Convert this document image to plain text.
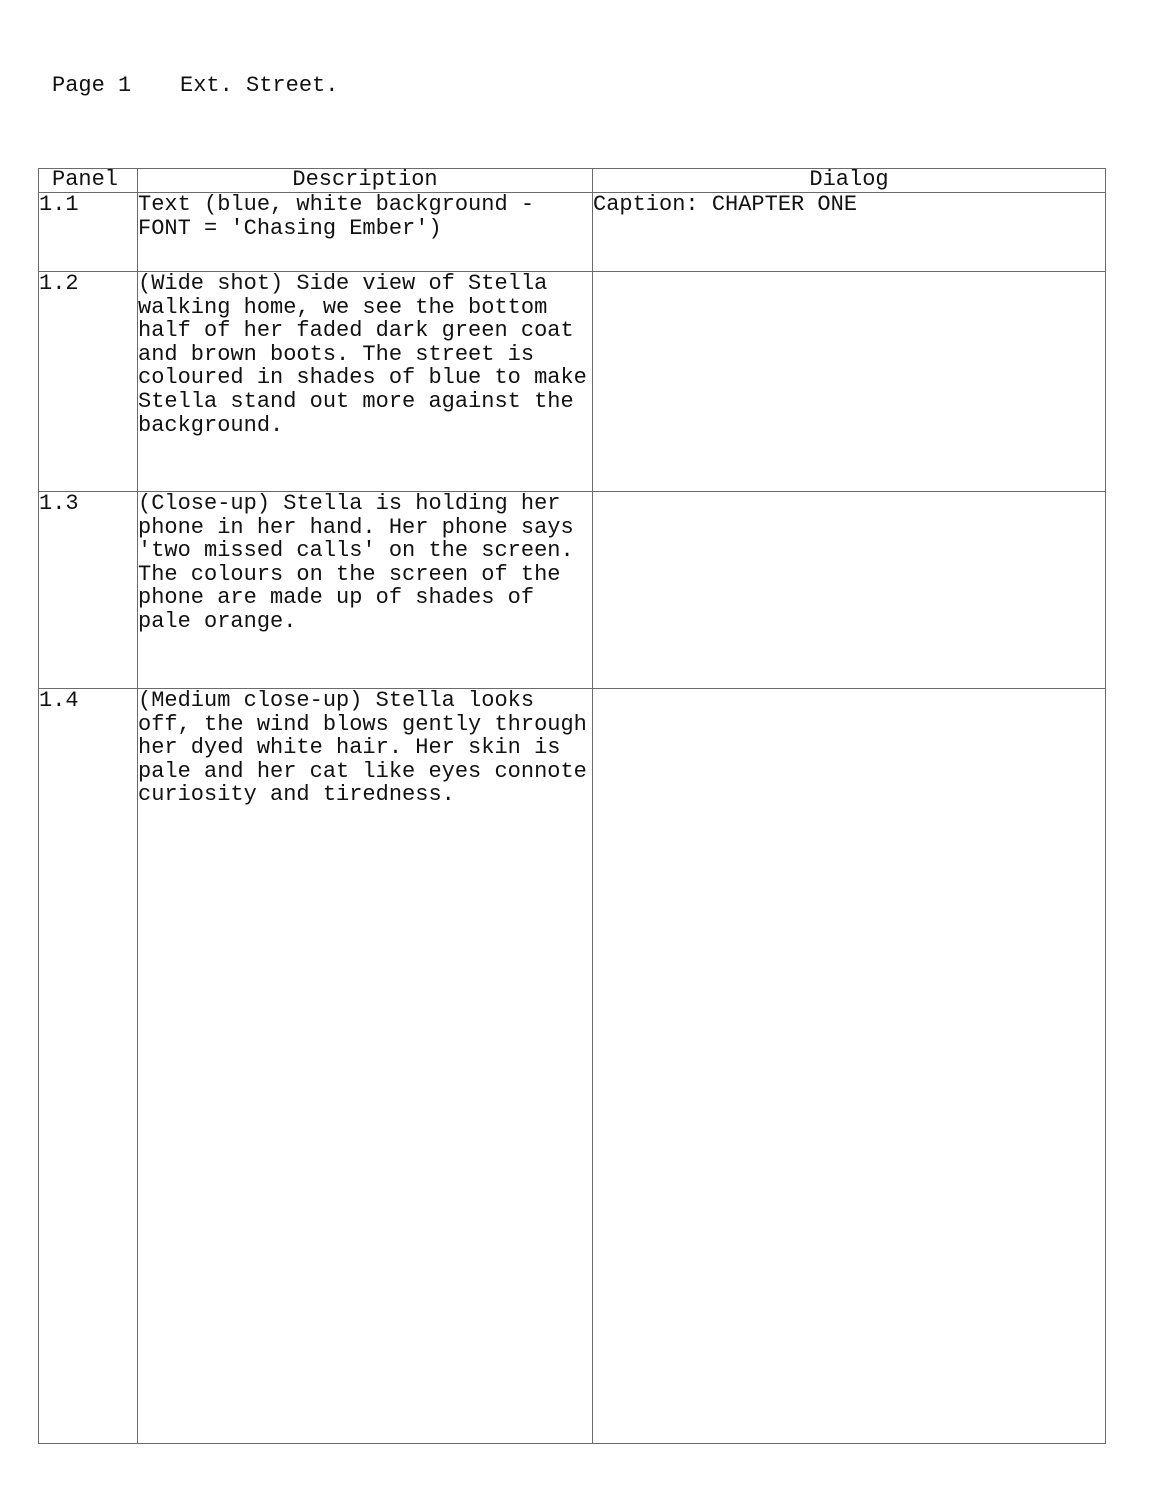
Page 1 Ext. Street.
Panel	Description	Dialog
1.1	Text (blue, white background - FONT = 'Chasing Ember')	Caption: CHAPTER ONE
1.2	(Wide shot) Side view of Stella walking home, we see the bottom half of her faded dark green coat and brown boots. The street is coloured in shades of blue to make Stella stand out more against the background.	
1.3	(Close-up) Stella is holding her phone in her hand. Her phone says 'two missed calls' on the screen. The colours on the screen of the phone are made up of shades of pale orange.	
1.4	(Medium close-up) Stella looks off, the wind blows gently through her dyed white hair. Her skin is pale and her cat like eyes connote curiosity and tiredness.	
